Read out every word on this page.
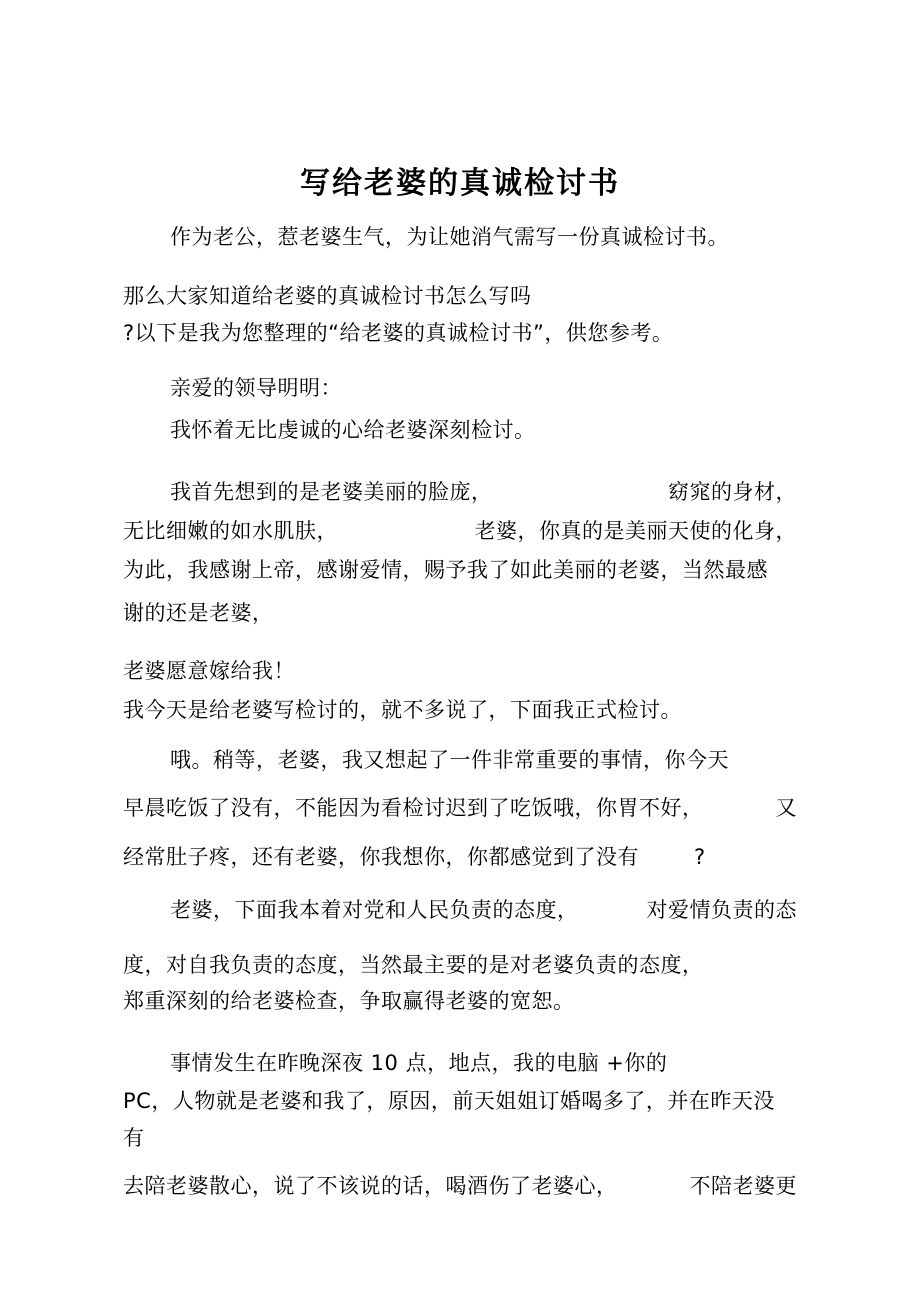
写给老婆的真诚检讨书
作为老公，惹老婆生气，为让她消气需写一份真诚检讨书。
那么大家知道给老婆的真诚检讨书怎么写吗
?以下是我为您整理的“给老婆的真诚检讨书”，供您参考。
亲爱的领导明明：
我怀着无比虔诚的心给老婆深刻检讨。
我首先想到的是老婆美丽的脸庞，	窈窕的身材，
无比细嫩的如水肌肤，	老婆，你真的是美丽天使的化身，
为此，我感谢上帝，感谢爱情，赐予我了如此美丽的老婆，当然最感
谢的还是老婆，
老婆愿意嫁给我！
我今天是给老婆写检讨的，就不多说了，下面我正式检讨。
哦。稍等，老婆，我又想起了一件非常重要的事情，你今天
早晨吃饭了没有，不能因为看检讨迟到了吃饭哦，你胃不好，	又
经常肚子疼，还有老婆，你我想你，你都感觉到了没有	?
老婆，下面我本着对党和人民负责的态度，	对爱情负责的态
度，对自我负责的态度，当然最主要的是对老婆负责的态度，
郑重深刻的给老婆检查，争取赢得老婆的宽恕。
事情发生在昨晚深夜 10 点，地点，我的电脑 +你的
PC，人物就是老婆和我了，原因，前天姐姐订婚喝多了，并在昨天没
有
去陪老婆散心，说了不该说的话，喝酒伤了老婆心，	不陪老婆更
